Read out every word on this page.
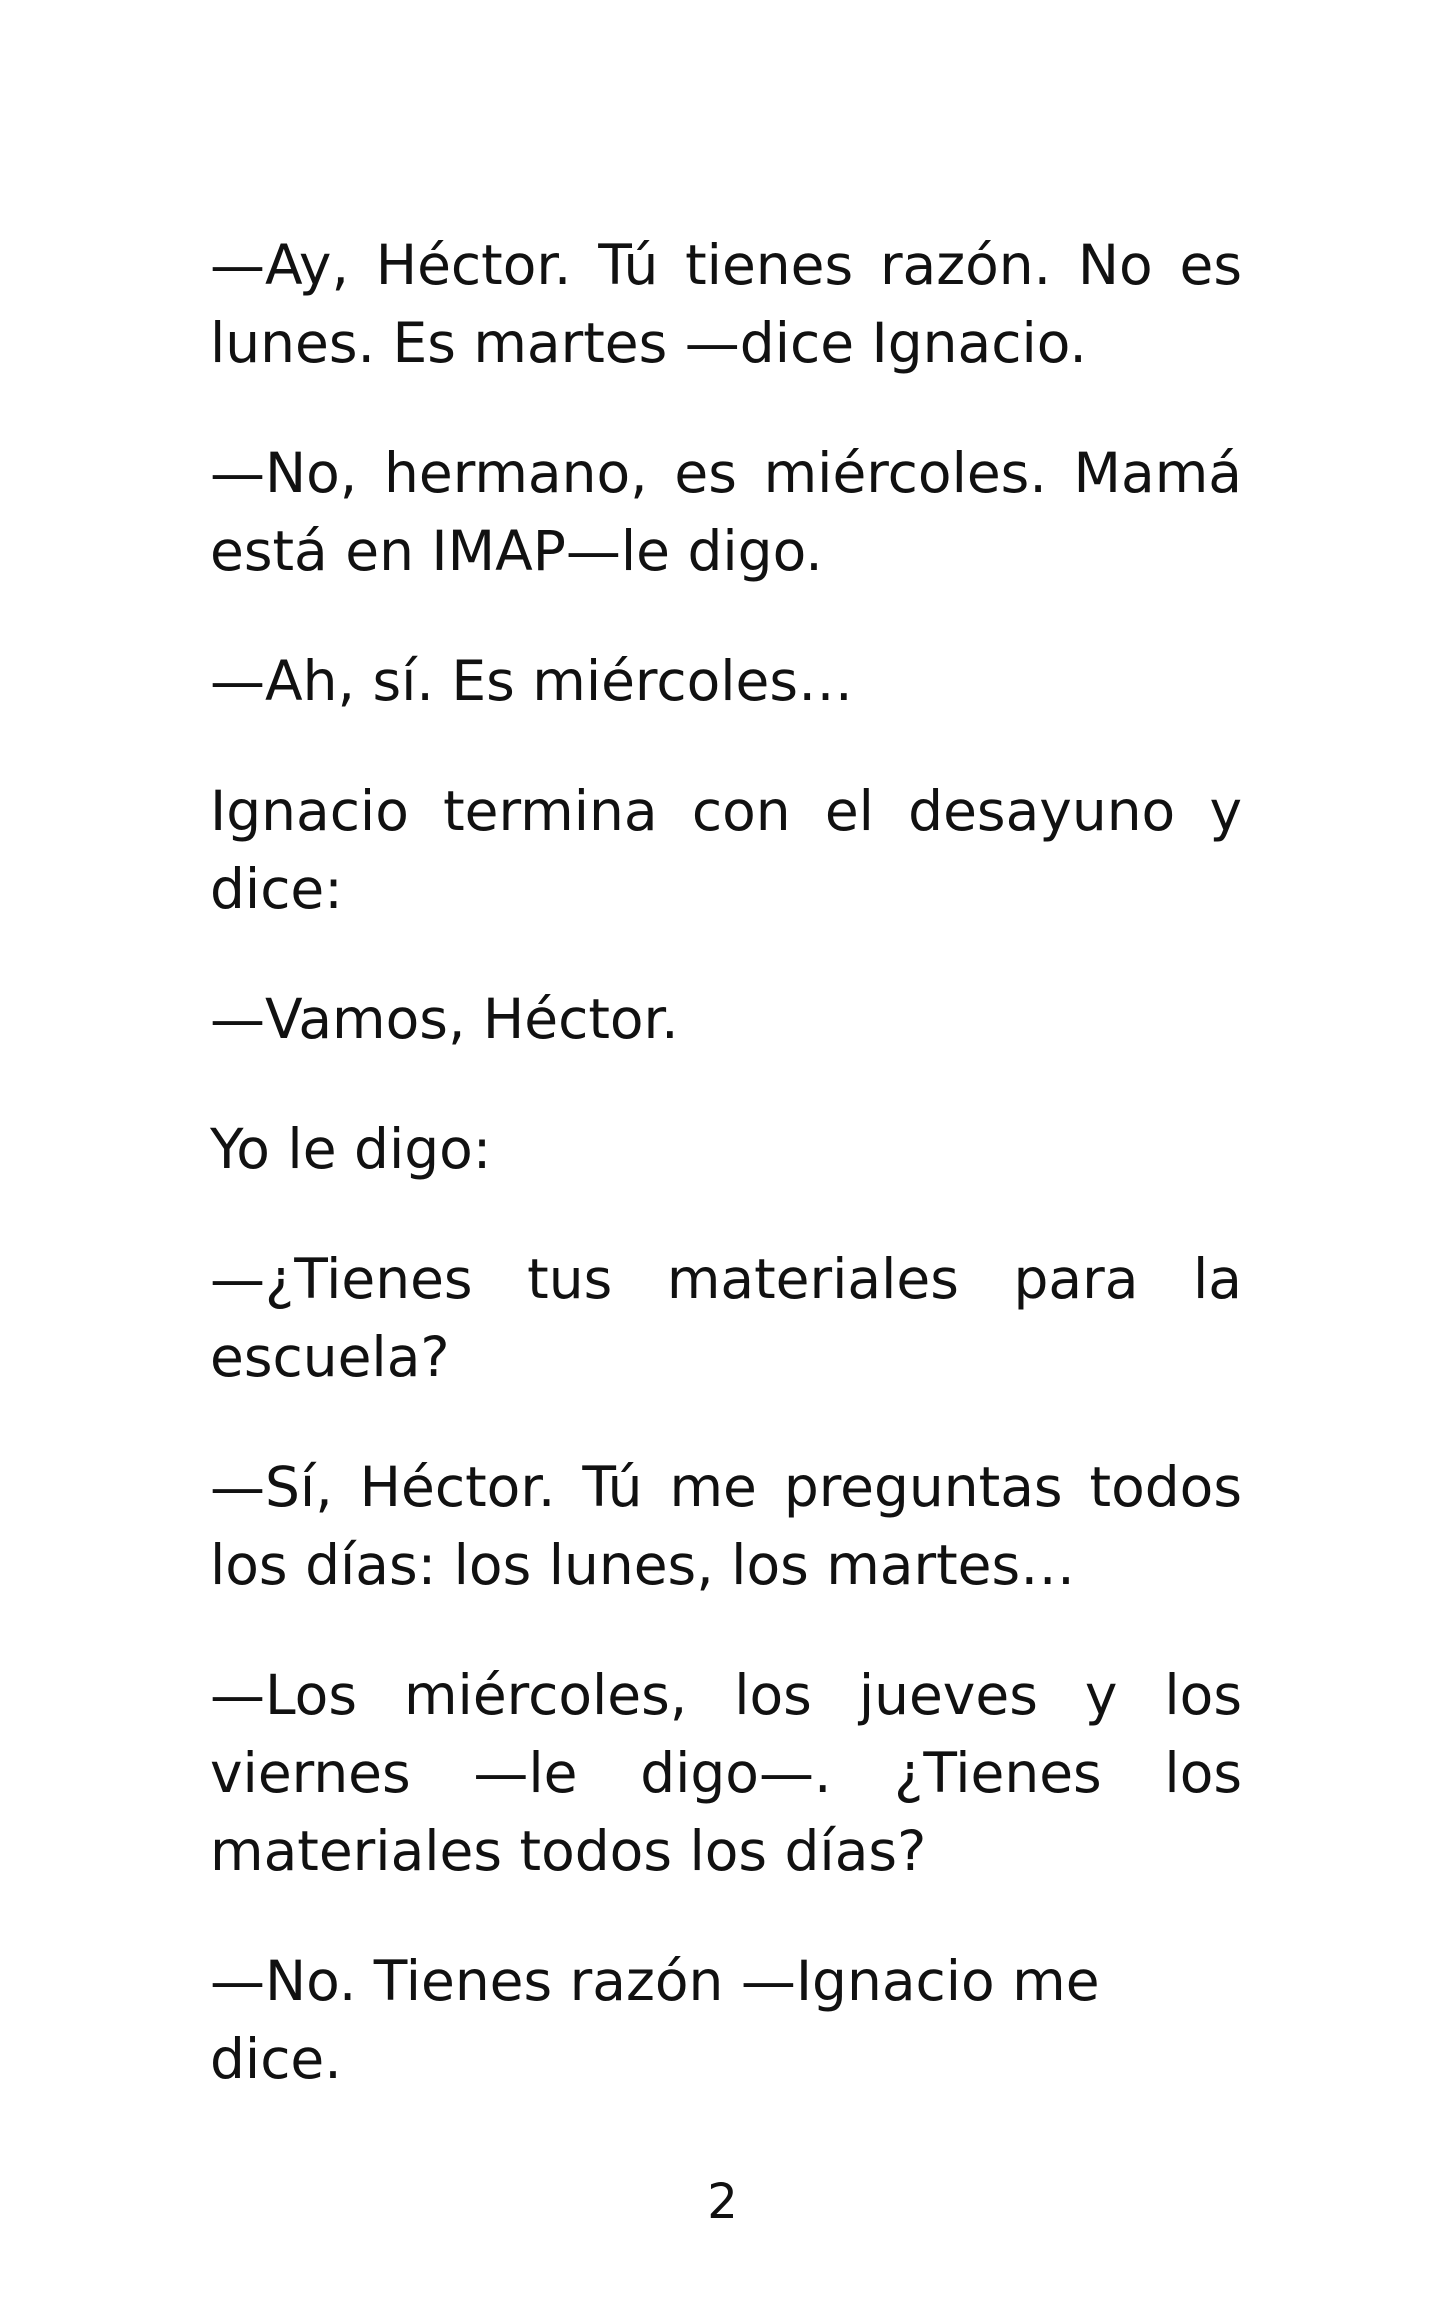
—Ay, Héctor. Tú tienes razón. No es lunes. Es martes —dice Ignacio.

—No, hermano, es miércoles. Mamá está en IMAP—le digo.

—Ah, sí. Es miércoles…

Ignacio termina con el desayuno y dice:

—Vamos, Héctor.

Yo le digo:

—¿Tienes tus materiales para la escuela?

—Sí, Héctor. Tú me preguntas todos los días: los lunes, los martes…

—Los miércoles, los jueves y los viernes —le digo—. ¿Tienes los materiales todos los días?

—No. Tienes razón —Ignacio me dice.

2
